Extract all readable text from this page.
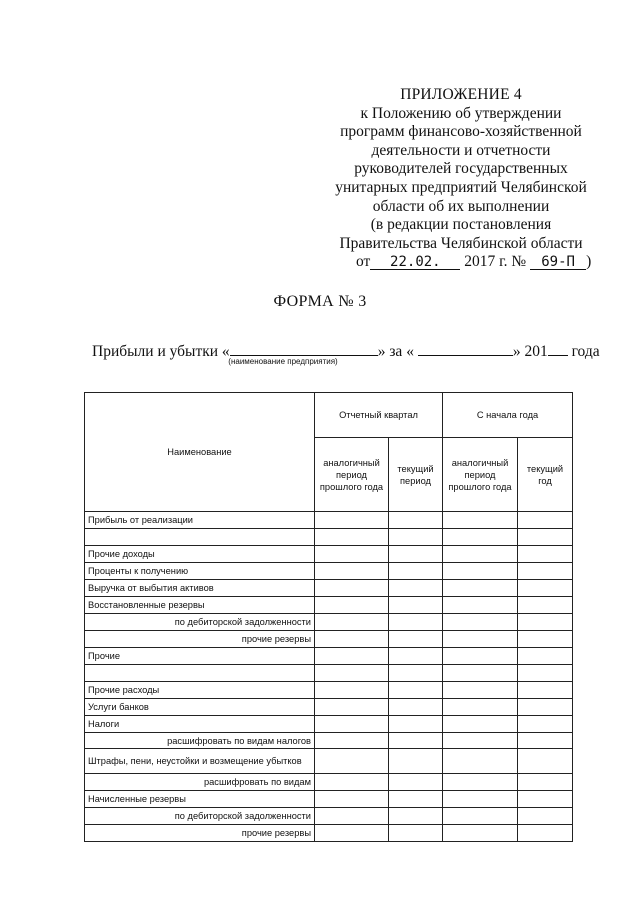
ПРИЛОЖЕНИЕ 4
к Положению об утверждении
программ финансово-хозяйственной
деятельности и отчетности
руководителей государственных
унитарных предприятий Челябинской
области об их выполнении
(в редакции постановления
Правительства Челябинской области
от 22.02. 2017 г. № 69-П )
ФОРМА № 3
Прибыли и убытки «	» за «	» 201 года
(наименование предприятия)
Наименование	Отчетный квартал		С начала года	
	аналогичный период прошлого года	текущий период	аналогичный период прошлого года	текущий год
Прибыль от реализации				

Прочие доходы				
Проценты к получению				
Выручка от выбытия активов				
Восстановленные резервы				
по дебиторской задолженности				
прочие резервы				
Прочие				

Прочие расходы				
Услуги банков				
Налоги				
расшифровать по видам налогов				
Штрафы, пени, неустойки и возмещение убытков				
расшифровать по видам				
Начисленные резервы				
по дебиторской задолженности				
прочие резервы				
